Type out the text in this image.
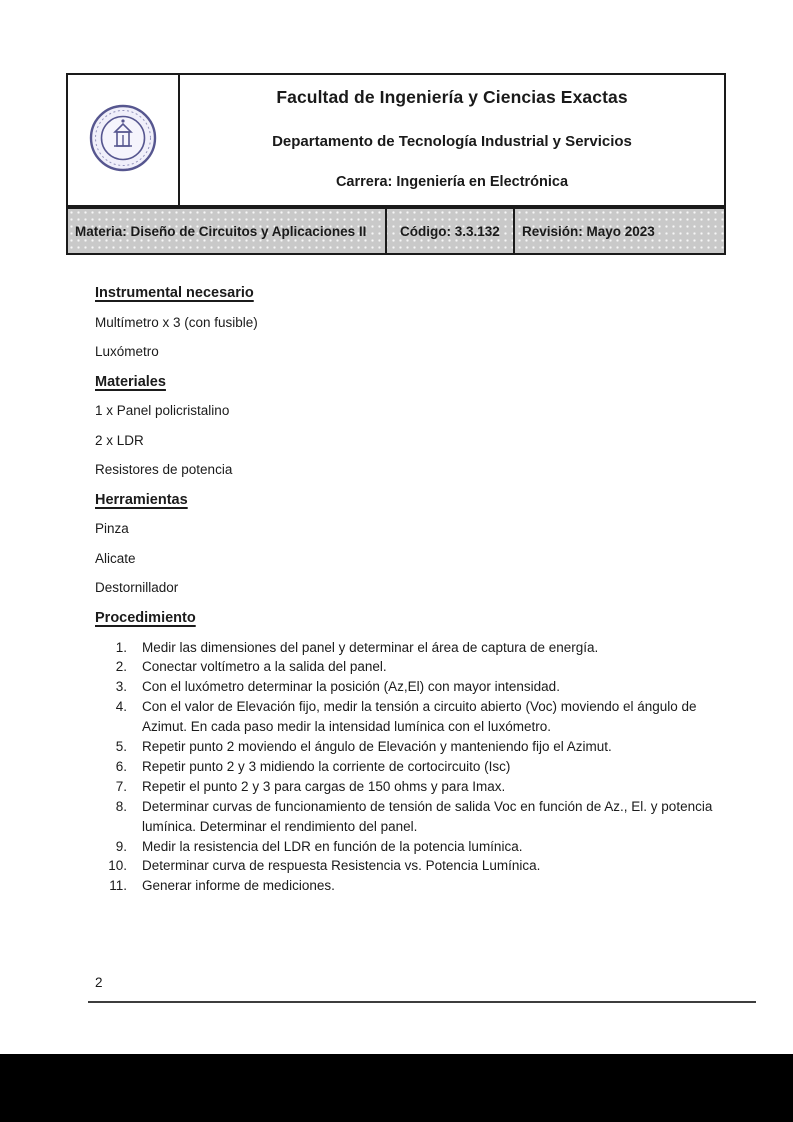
Facultad de Ingeniería y Ciencias Exactas
Departamento de Tecnología Industrial y Servicios
Carrera: Ingeniería en Electrónica
Materia: Diseño de Circuitos y Aplicaciones II	Código: 3.3.132	Revisión: Mayo 2023
Instrumental necesario
Multímetro x 3 (con fusible)
Luxómetro
Materiales
1 x Panel policristalino
2 x LDR
Resistores de potencia
Herramientas
Pinza
Alicate
Destornillador
Procedimiento
Medir las dimensiones del panel y determinar el área de captura de energía.
Conectar voltímetro a la salida del panel.
Con el luxómetro determinar la posición (Az,El) con mayor intensidad.
Con el valor de Elevación fijo, medir la tensión a circuito abierto (Voc) moviendo el ángulo de Azimut. En cada paso medir la intensidad lumínica con el luxómetro.
Repetir punto 2 moviendo el ángulo de Elevación y manteniendo fijo el Azimut.
Repetir punto 2 y 3 midiendo la corriente de cortocircuito (Isc)
Repetir el punto 2 y 3 para cargas de 150 ohms y para Imax.
Determinar curvas de funcionamiento de tensión de salida Voc en función de Az., El. y potencia lumínica. Determinar el rendimiento del panel.
Medir la resistencia del LDR en función de la potencia lumínica.
Determinar curva de respuesta Resistencia vs. Potencia Lumínica.
Generar informe de mediciones.
2
